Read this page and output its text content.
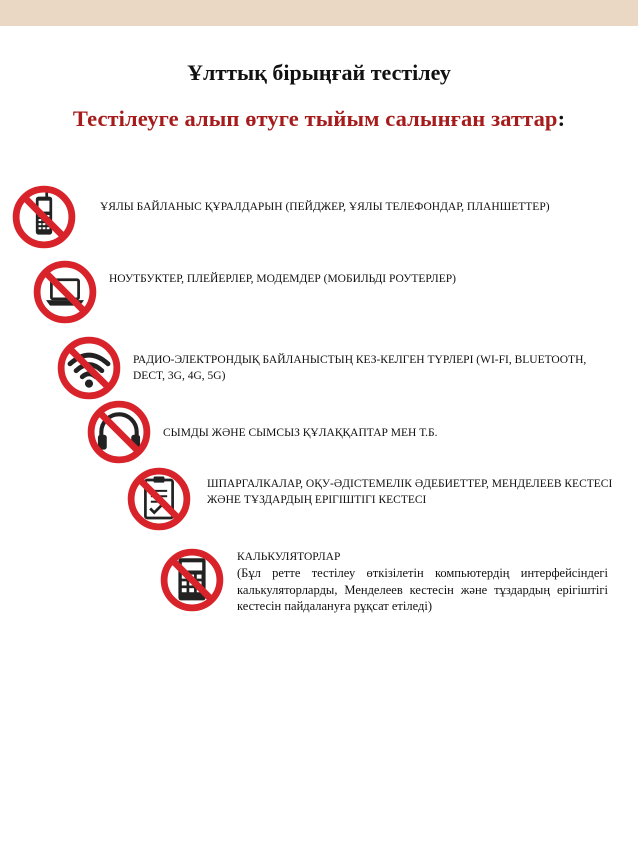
Ұлттық бірыңғай тестілеу
Тестілеуге алып өтуге тыйым салынған заттар:
ҰЯЛЫ БАЙЛАНЫС ҚҰРАЛДАРЫН (ПЕЙДЖЕР, ҰЯЛЫ ТЕЛЕФОНДАР, ПЛАНШЕТТЕР)
НОУТБУКТЕР, ПЛЕЙЕРЛЕР, МОДЕМДЕР (МОБИЛЬДІ РОУТЕРЛЕР)
РАДИО-ЭЛЕКТРОНДЫҚ БАЙЛАНЫСТЫҢ КЕЗ-КЕЛГЕН ТҮРЛЕРІ (WI-FI, BLUETOOTH, DECT, 3G, 4G, 5G)
СЫМДЫ ЖӘНЕ СЫМСЫЗ ҚҰЛАҚҚАПТАР МЕН Т.Б.
ШПАРГАЛКАЛАР, ОҚУ-ӘДІСТЕМЕЛІК ӘДЕБИЕТТЕР, МЕНДЕЛЕЕВ КЕСТЕСІ ЖӘНЕ ТҰЗДАРДЫҢ ЕРІГІШТІГІ КЕСТЕСІ
КАЛЬКУЛЯТОРЛАР
(Бұл ретте тестілеу өткізілетін компьютердің интерфейсіндегі калькуляторларды, Менделеев кестесін және тұздардың ерігіштігі кестесін пайдалануға рұқсат етіледі)
